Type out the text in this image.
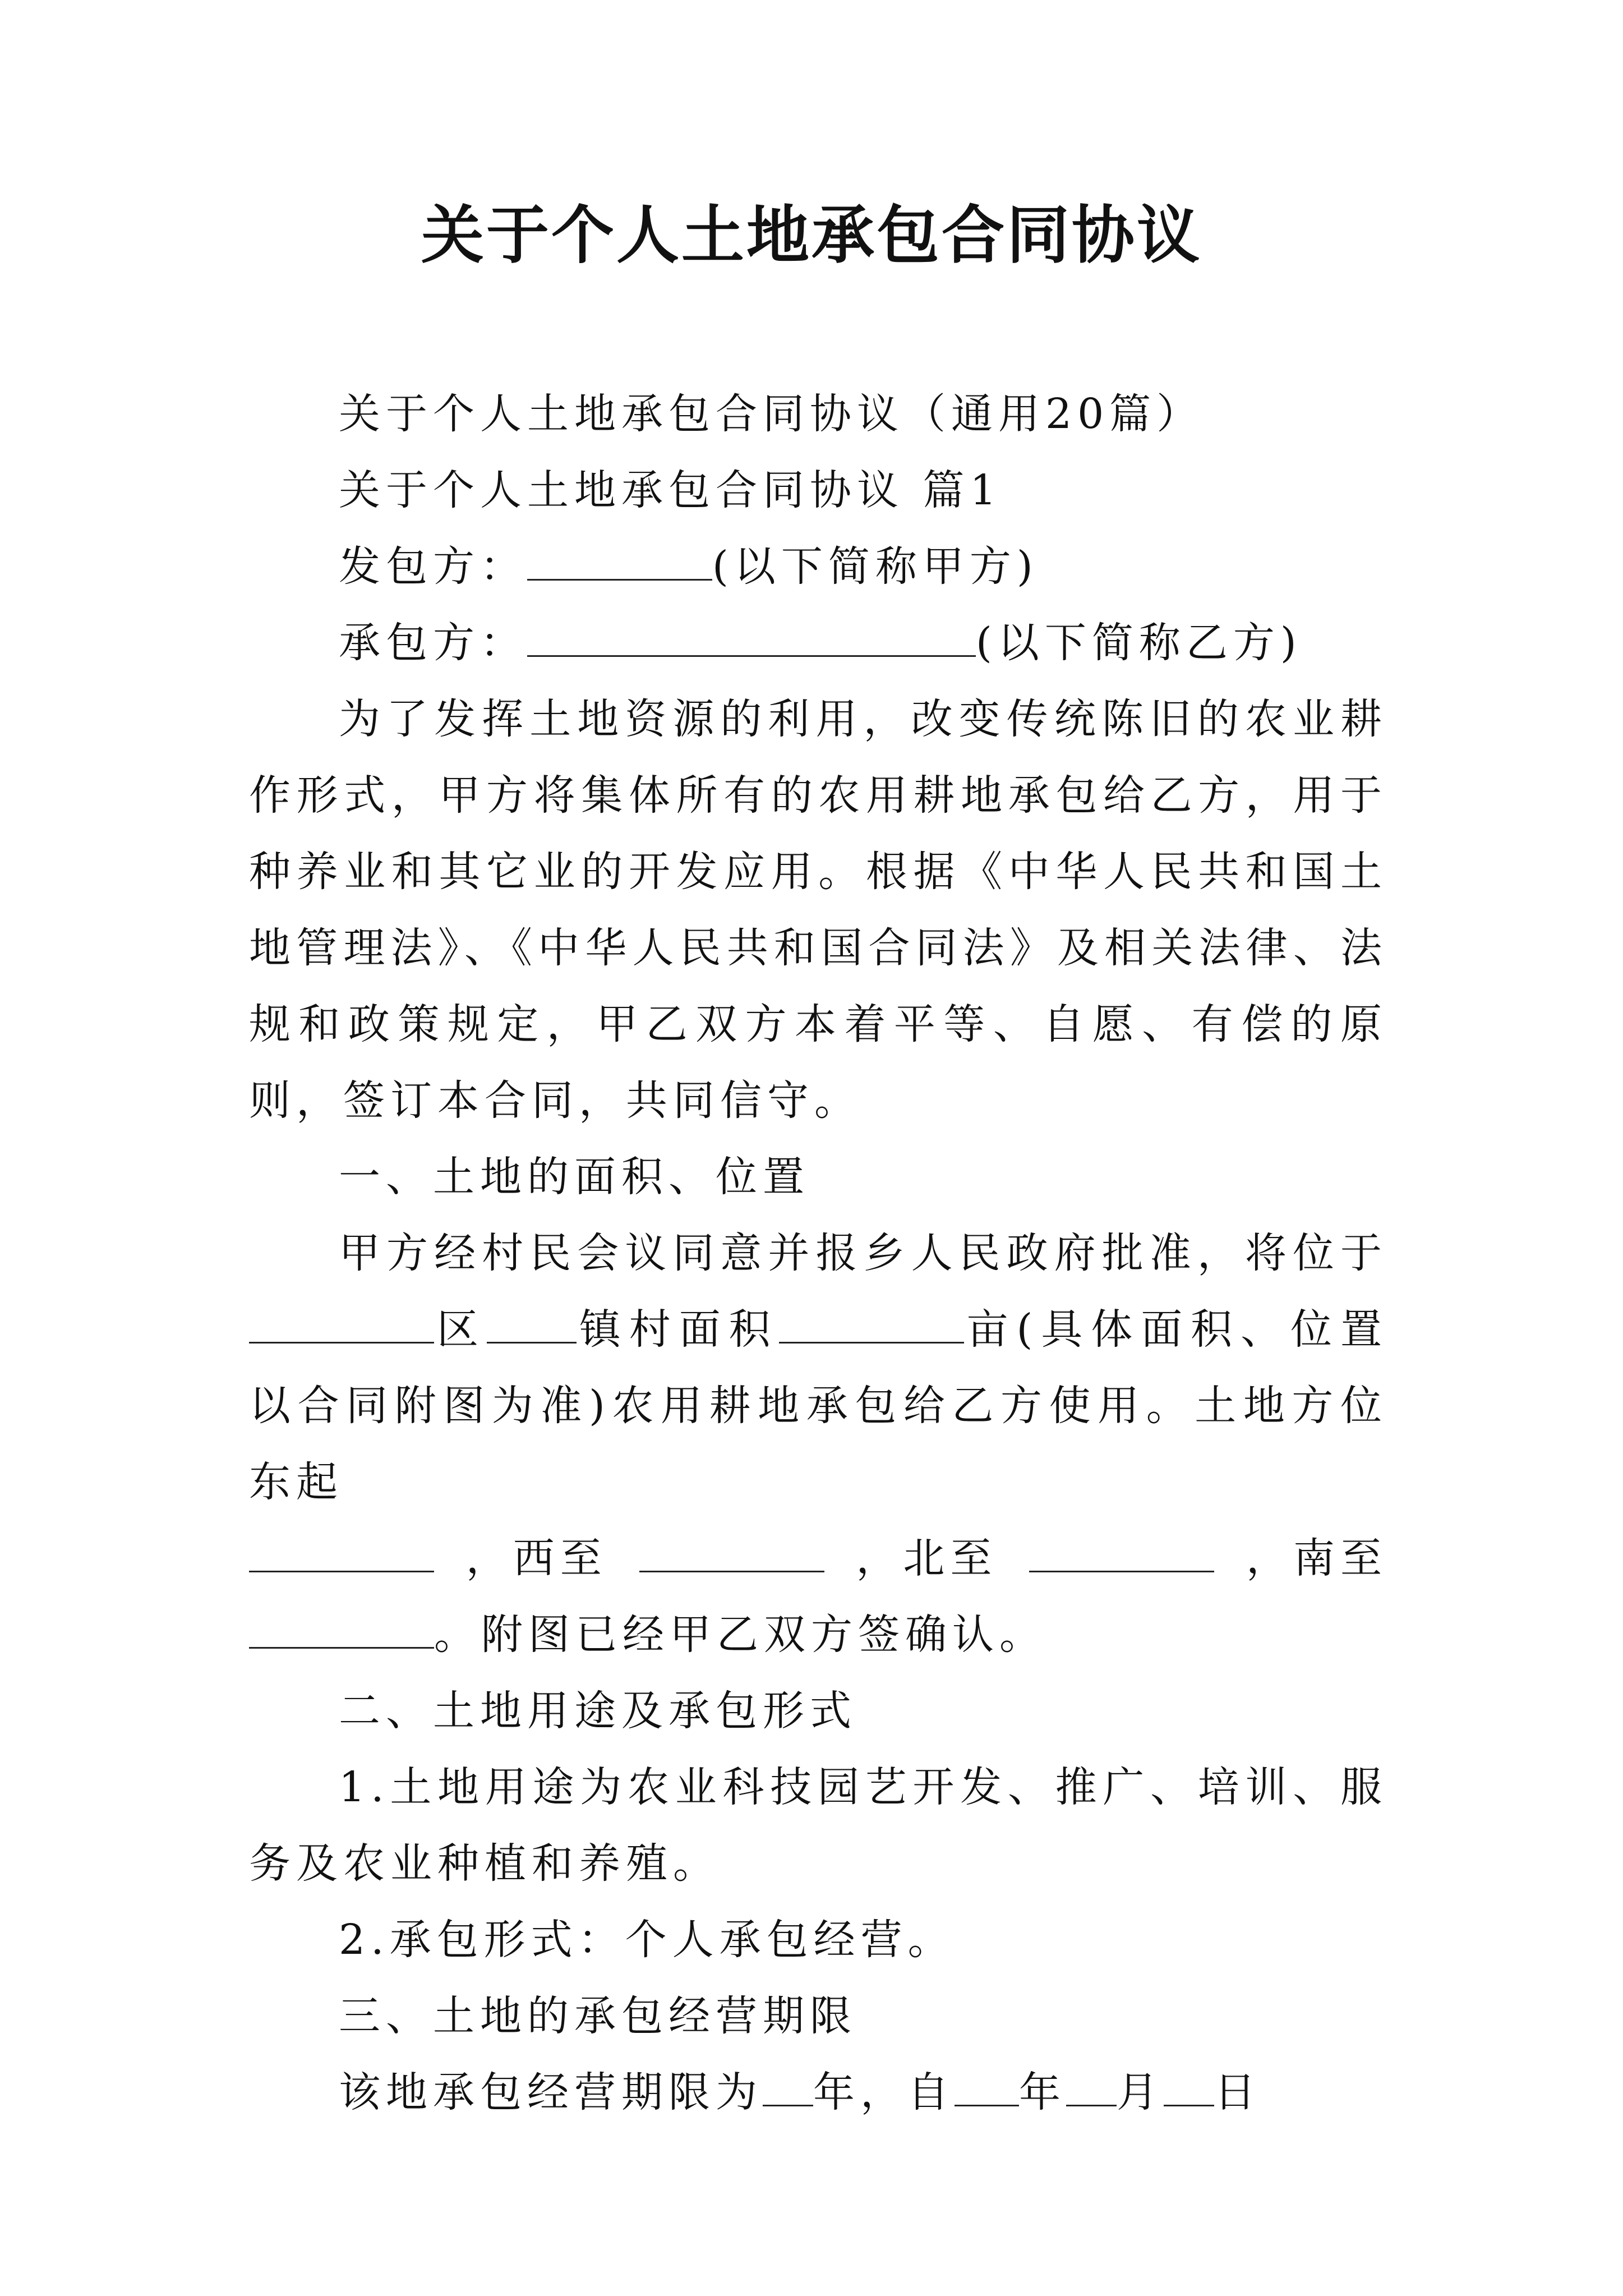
关于个人土地承包合同协议

关于个人土地承包合同协议（通用20篇）

关于个人土地承包合同协议 篇1

发包方：	(以下简称甲方)

承包方：	(以下简称乙方)

为了发挥土地资源的利用，改变传统陈旧的农业耕作形式，甲方将集体所有的农用耕地承包给乙方，用于种养业和其它业的开发应用。根据《中华人民共和国土地管理法》、《中华人民共和国合同法》及相关法律、法规和政策规定，甲乙双方本着平等、自愿、有偿的原则，签订本合同，共同信守。

一、土地的面积、位置

甲方经村民会议同意并报乡人民政府批准，将位于区 镇村面积	亩(具体面积、位置以合同附图为准)农用耕地承包给乙方使用。土地方位东起

，西至	，北至	，南至

。附图已经甲乙双方签确认。

二、土地用途及承包形式

1.土地用途为农业科技园艺开发、推广、培训、服务及农业种植和养殖。

2.承包形式：个人承包经营。

三、土地的承包经营期限

该地承包经营期限为 年，自 年 月 日
